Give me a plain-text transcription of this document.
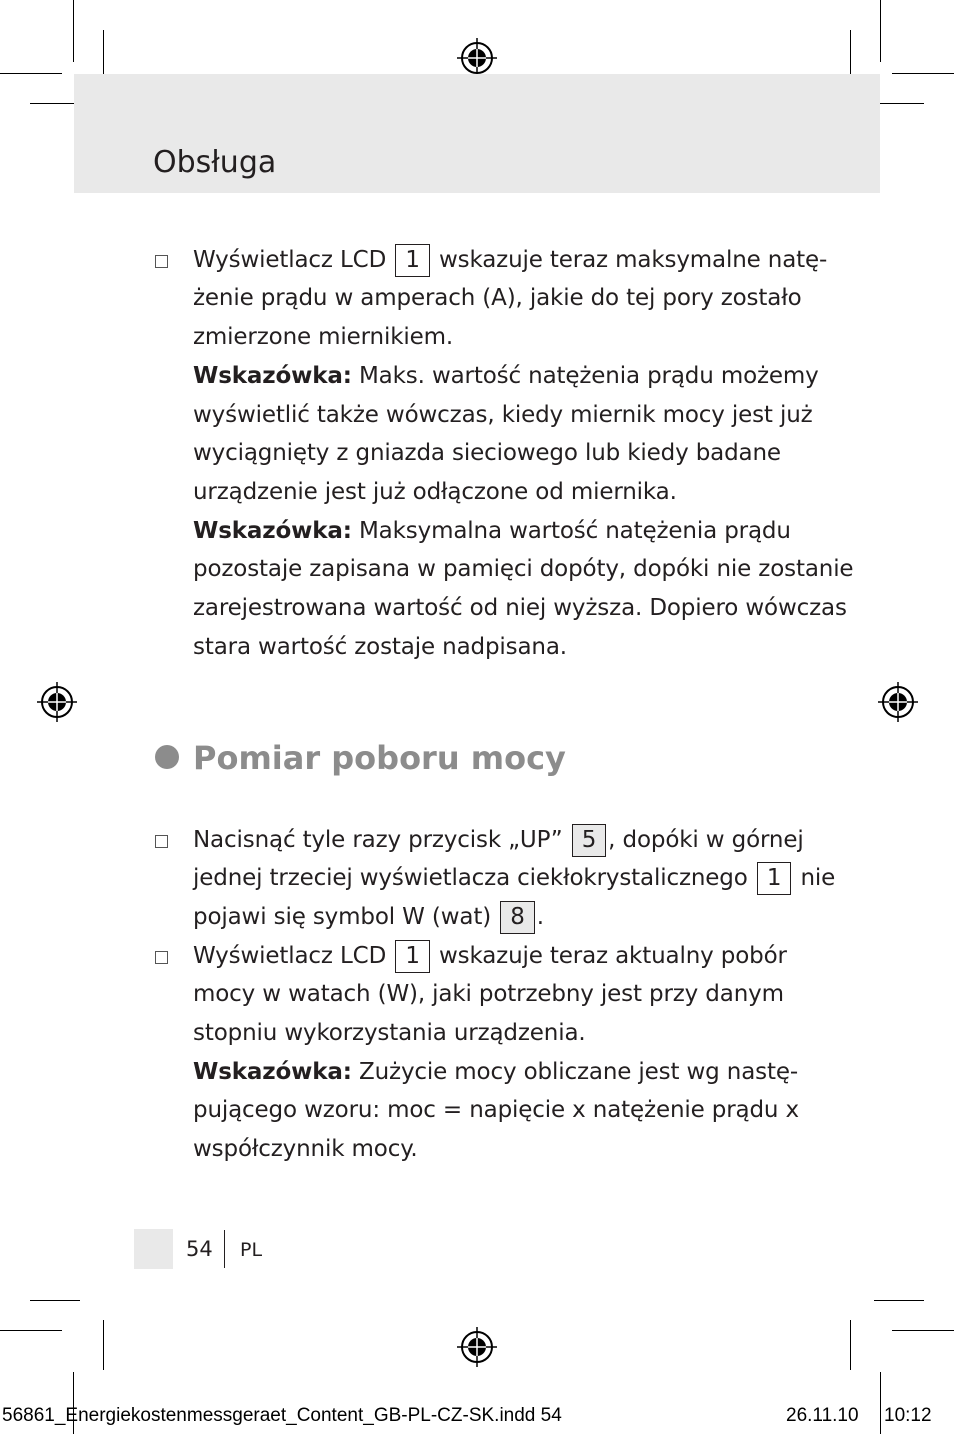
Obsługa
Wyświetlacz LCD 1 wskazuje teraz maksymalne natę-
żenie prądu w amperach (A), jakie do tej pory zostało
zmierzone miernikiem.
Wskazówka: Maks. wartość natężenia prądu możemy
wyświetlić także wówczas, kiedy miernik mocy jest już
wyciągnięty z gniazda sieciowego lub kiedy badane
urządzenie jest już odłączone od miernika.
Wskazówka: Maksymalna wartość natężenia prądu
pozostaje zapisana w pamięci dopóty, dopóki nie zostanie
zarejestrowana wartość od niej wyższa. Dopiero wówczas
stara wartość zostaje nadpisana.
Pomiar poboru mocy
Nacisnąć tyle razy przycisk „UP” 5 , dopóki w górnej
jednej trzeciej wyświetlacza ciekłokrystalicznego 1 nie
pojawi się symbol W (wat) 8 .
Wyświetlacz LCD 1 wskazuje teraz aktualny pobór
mocy w watach (W), jaki potrzebny jest przy danym
stopniu wykorzystania urządzenia.
Wskazówka: Zużycie mocy obliczane jest wg nastę-
pującego wzoru: moc = napięcie x natężenie prądu x
współczynnik mocy.
54 PL
56861_Energiekostenmessgeraet_Content_GB-PL-CZ-SK.indd 54	26.11.10 10:12
